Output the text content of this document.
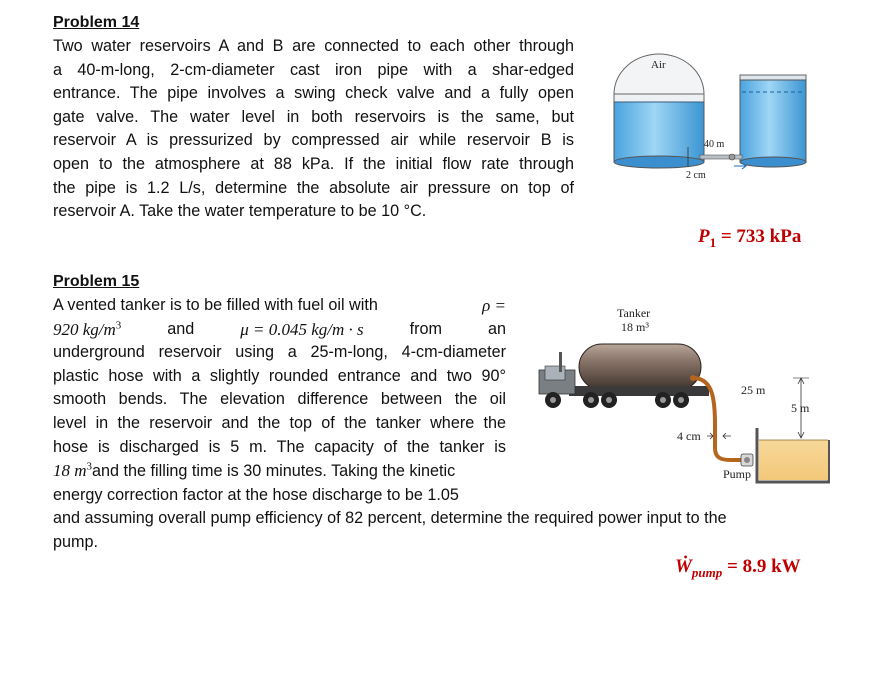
Problem 14
Two water reservoirs A and B are connected to each other through
a 40-m-long, 2-cm-diameter cast iron pipe with a shar-edged
entrance. The pipe involves a swing check valve and a fully open
gate valve. The water level in both reservoirs is the same, but
reservoir A is pressurized by compressed air while reservoir B is
open to the atmosphere at 88 kPa. If the initial flow rate through
the pipe is 1.2 L/s, determine the absolute air pressure on top of
reservoir A. Take the water temperature to be 10 °C.
Air
40 m
2 cm
$P_1 = 733$ kPa
Problem 15
A vented tanker is to be filled with fuel oil with	ρ =
920 $kg/m^3$	and	μ = 0.045 kg/m · s	from	an
underground reservoir using a 25-m-long, 4-cm-diameter
plastic hose with a slightly rounded entrance and two 90°
smooth bends. The elevation difference between the oil
level in the reservoir and the top of the tanker where the
hose is discharged is 5 m. The capacity of the tanker is
18 $m^3and$ the filling time is 30 minutes. Taking the kinetic
energy correction factor at the hose discharge to be 1.05
and assuming overall pump efficiency of 82 percent, determine the required power input to the
pump.
Tanker
18 m³
Pump
25 m
5 m
4 cm
Ẇ$_{pump}$ = 8.9 kW
